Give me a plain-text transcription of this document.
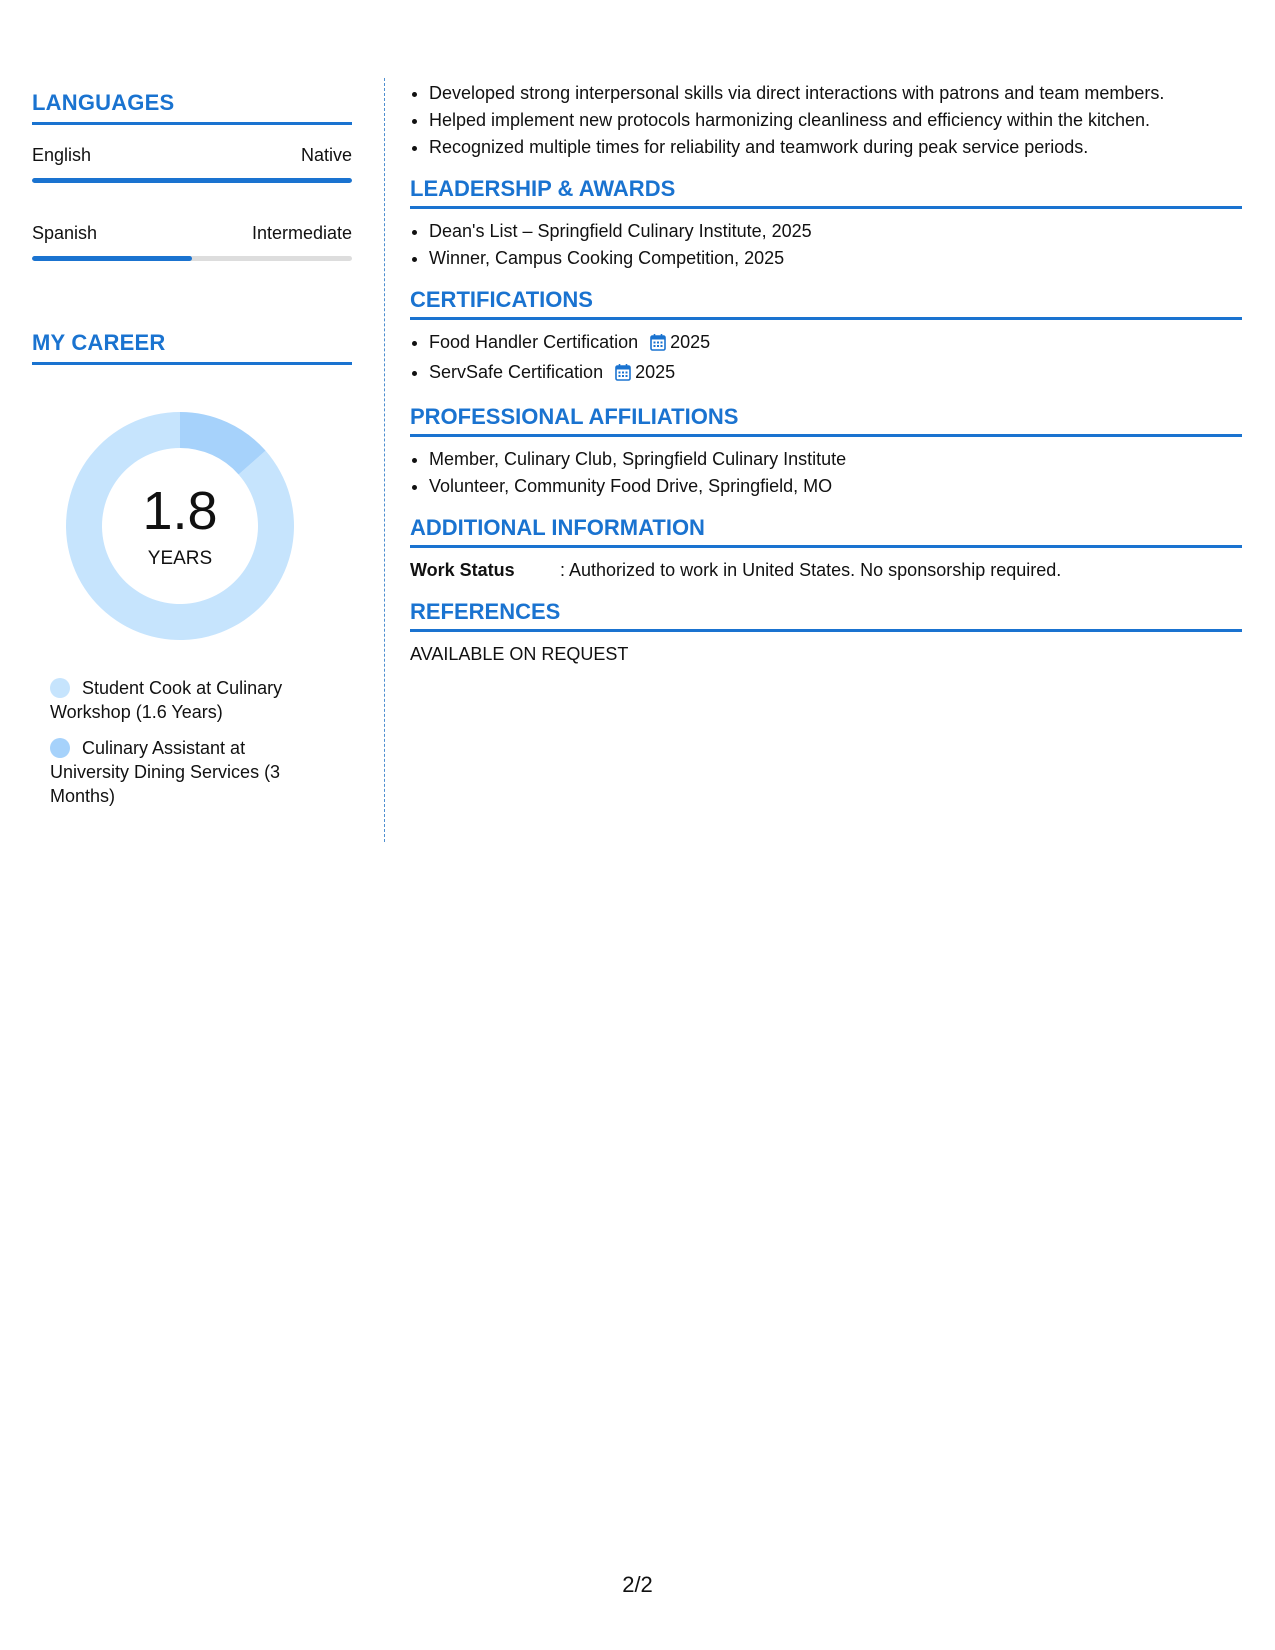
LANGUAGES
English	Native
Spanish	Intermediate
MY CAREER
1.8
YEARS
Student Cook at Culinary Workshop (1.6 Years)
Culinary Assistant at University Dining Services (3 Months)
• Developed strong interpersonal skills via direct interactions with patrons and team members.
• Helped implement new protocols harmonizing cleanliness and efficiency within the kitchen.
• Recognized multiple times for reliability and teamwork during peak service periods.
LEADERSHIP & AWARDS
• Dean's List – Springfield Culinary Institute, 2025
• Winner, Campus Cooking Competition, 2025
CERTIFICATIONS
• Food Handler Certification 2025
• ServSafe Certification 2025
PROFESSIONAL AFFILIATIONS
• Member, Culinary Club, Springfield Culinary Institute
• Volunteer, Community Food Drive, Springfield, MO
ADDITIONAL INFORMATION
Work Status	: Authorized to work in United States. No sponsorship required.
REFERENCES
AVAILABLE ON REQUEST
2/2
